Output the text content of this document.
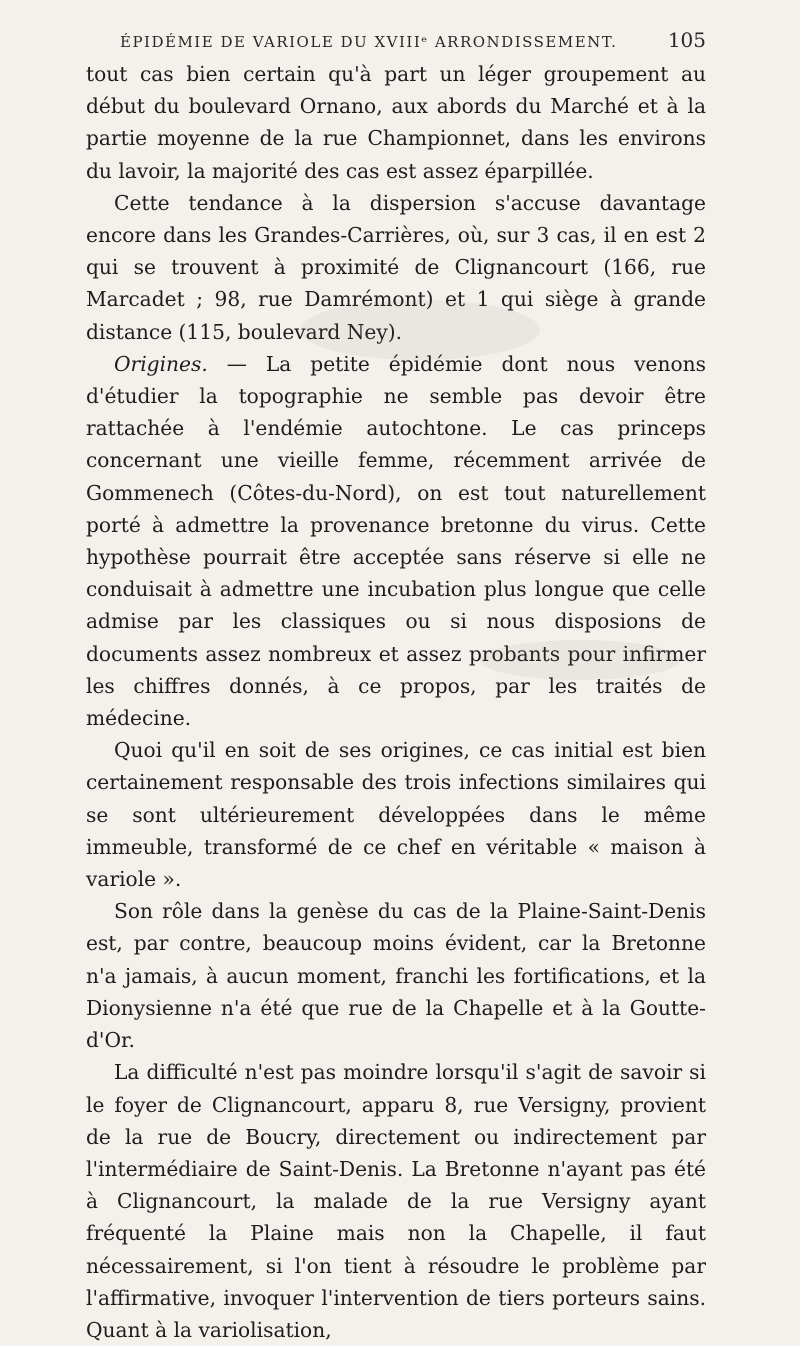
ÉPIDÉMIE DE VARIOLE DU XVIIIᵉ ARRONDISSEMENT.	105

tout cas bien certain qu'à part un léger groupement au début du boulevard Ornano, aux abords du Marché et à la partie moyenne de la rue Championnet, dans les environs du lavoir, la majorité des cas est assez éparpillée.

Cette tendance à la dispersion s'accuse davantage encore dans les Grandes-Carrières, où, sur 3 cas, il en est 2 qui se trouvent à proximité de Clignancourt (166, rue Marcadet ; 98, rue Damrémont) et 1 qui siège à grande distance (115, boulevard Ney).

Origines. — La petite épidémie dont nous venons d'étudier la topographie ne semble pas devoir être rattachée à l'endémie autochtone. Le cas princeps concernant une vieille femme, récemment arrivée de Gommenech (Côtes-du-Nord), on est tout naturellement porté à admettre la provenance bretonne du virus. Cette hypothèse pourrait être acceptée sans réserve si elle ne conduisait à admettre une incubation plus longue que celle admise par les classiques ou si nous disposions de documents assez nombreux et assez probants pour infirmer les chiffres donnés, à ce propos, par les traités de médecine.

Quoi qu'il en soit de ses origines, ce cas initial est bien certainement responsable des trois infections similaires qui se sont ultérieurement développées dans le même immeuble, transformé de ce chef en véritable « maison à variole ».

Son rôle dans la genèse du cas de la Plaine-Saint-Denis est, par contre, beaucoup moins évident, car la Bretonne n'a jamais, à aucun moment, franchi les fortifications, et la Dionysienne n'a été que rue de la Chapelle et à la Goutte-d'Or.

La difficulté n'est pas moindre lorsqu'il s'agit de savoir si le foyer de Clignancourt, apparu 8, rue Versigny, provient de la rue de Boucry, directement ou indirectement par l'intermédiaire de Saint-Denis. La Bretonne n'ayant pas été à Clignancourt, la malade de la rue Versigny ayant fréquenté la Plaine mais non la Chapelle, il faut nécessairement, si l'on tient à résoudre le problème par l'affirmative, invoquer l'intervention de tiers porteurs sains. Quant à la variolisation,
